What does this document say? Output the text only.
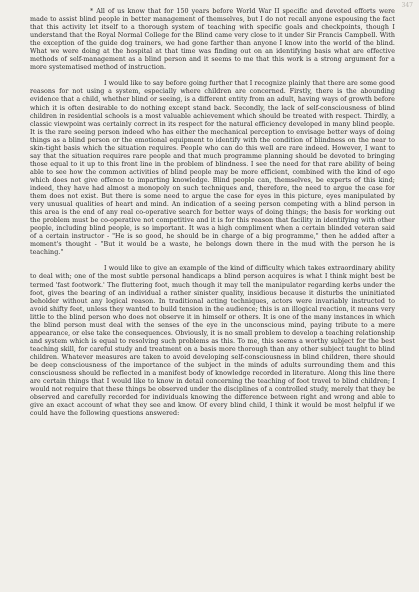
347

* All of us know that for 150 years before World War II specific and devoted efforts were made to assist blind people in better management of themselves, but I do not recall anyone espousing the fact that this activity let itself to a thorough system of teaching with specific goals and checkpoints, though I understand that the Royal Normal College for the Blind came very close to it under Sir Francis Campbell. With the exception of the guide dog trainers, we had gone farther than anyone I know into the world of the blind. What we were doing at the hospital at that time was finding out on an identifying basis what are effective methods of self-management as a blind person and it seems to me that this work is a strong argument for a more systematised method of instruction.

I would like to say before going further that I recognize plainly that there are some good reasons for not using a system, especially where children are concerned. Firstly, there is the abounding evidence that a child, whether blind or seeing, is a different entity from an adult, having ways of growth before which it is often desirable to do nothing except stand back. Secondly, the lack of self-consciousness of blind children in residential schools is a most valuable achievement which should be treated with respect. Thirdly, a classic viewpoint was certainly correct in its respect for the natural efficiency developed in many blind people. It is the rare seeing person indeed who has either the mechanical perception to envisage better ways of doing things as a blind person or the emotional equipment to identify with the condition of blindness on the near to skin-tight basis which the situation requires. People who can do this well are rare indeed. However, I want to say that the situation requires rare people and that much programme planning should be devoted to bringing those equal to it up to this front line in the problem of blindness. I see the need for that rare ability of being able to see how the common activities of blind people may be more efficient, combined with the kind of ego which does not give offence to imparting knowledge. Blind people can, themselves, be experts of this kind; indeed, they have had almost a monopoly on such techniques and, therefore, the need to argue the case for them does not exist. But there is some need to argue the case for eyes in this picture, eyes manipulated by very unusual qualities of heart and mind. An indication of a seeing person competing with a blind person in this area is the end of any real co-operative search for better ways of doing things; the basis for working out the problem must be co-operative not competitive and it is for this reason that facility in identifying with other people, including blind people, is so important. It was a high compliment when a certain blinded veteran said of a certain instructor - "He is so good, he should be in charge of a big programme," then he added after a moment's thought - "But it would be a waste, he belongs down there in the mud with the person he is teaching."

I would like to give an example of the kind of difficulty which takes extraordinary ability to deal with; one of the most subtle personal handicaps a blind person acquires is what I think might best be termed 'fast footwork.' The fluttering foot, much though it may tell the manipulator regarding kerbs under the foot, gives the bearing of an individual a rather sinister quality, insidious because it disturbs the uninitiated beholder without any logical reason. In traditional acting techniques, actors were invariably instructed to avoid shifty feet, unless they wanted to build tension in the audience; this is an illogical reaction, it means very little to the blind person who does not observe it in himself or others. It is one of the many instances in which the blind person must deal with the senses of the eye in the unconscious mind, paying tribute to a mere appearance, or else take the consequences. Obviously, it is no small problem to develop a teaching relationship and system which is equal to resolving such problems as this. To me, this seems a worthy subject for the best teaching skill, for careful study and treatment on a basis more thorough than any other subject taught to blind children. Whatever measures are taken to avoid developing self-consciousness in blind children, there should be deep consciousness of the importance of the subject in the minds of adults surrounding them and this consciousness should be reflected in a manifest body of knowledge recorded in literature. Along this line there are certain things that I would like to know in detail concerning the teaching of foot travel to blind children; I would not require that these things be observed under the disciplines of a controlled study, merely that they be observed and carefully recorded for individuals knowing the difference between right and wrong and able to give an exact account of what they see and know. Of every blind child, I think it would be most helpful if we could have the following questions answered:
